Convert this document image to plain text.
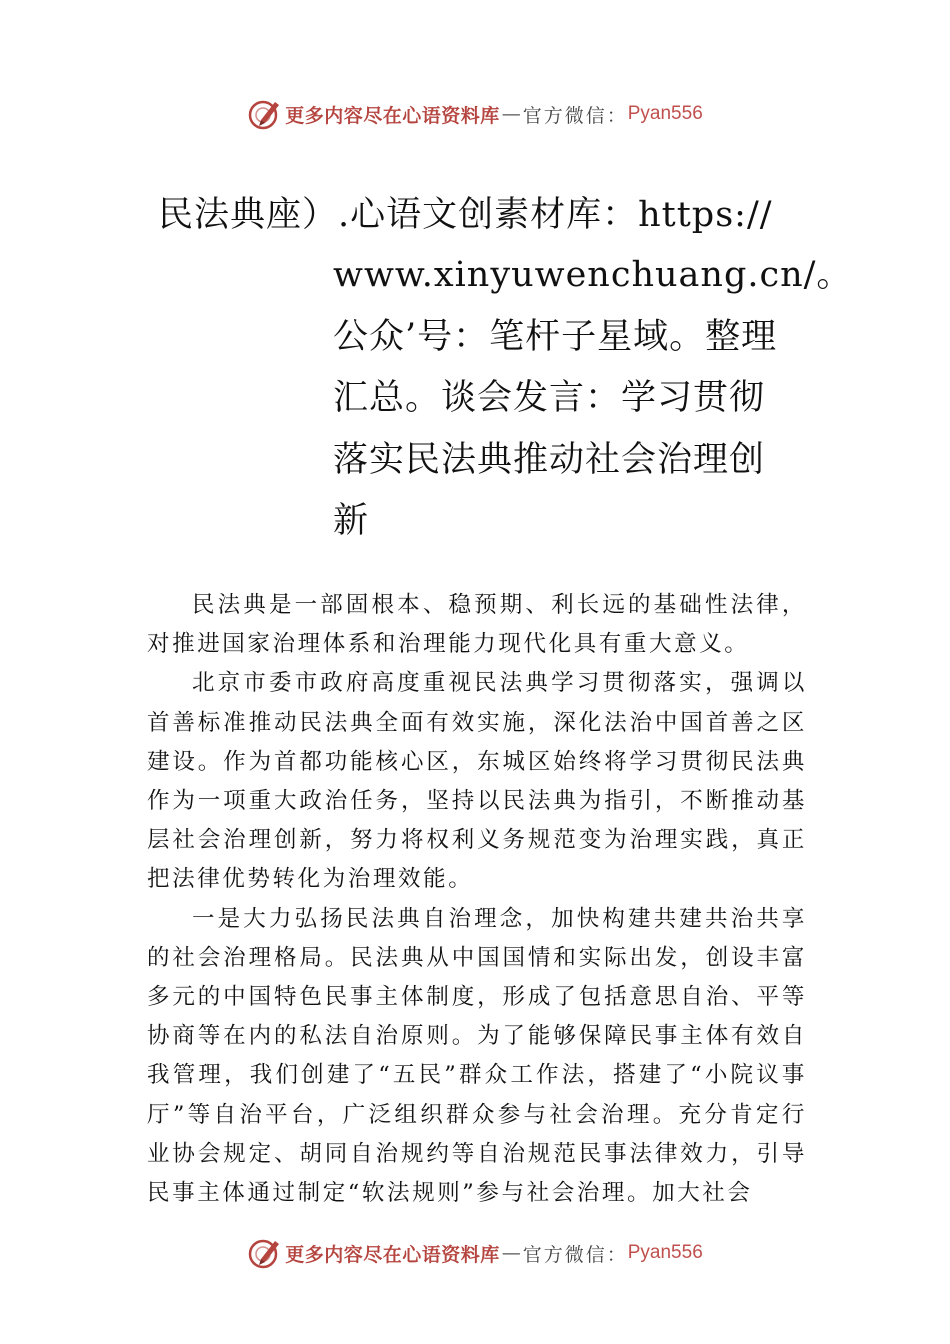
更多内容尽在心语资料库 — 官方微信： Pyan556
民法典座）.心语文创素材库：https://
www.xinyuwenchuang.cn/。
公众’号：笔杆子星域。整理
汇总。谈会发言：学习贯彻
落实民法典推动社会治理创
新

民法典是一部固根本、稳预期、利长远的基础性法律，对推进国家治理体系和治理能力现代化具有重大意义。

北京市委市政府高度重视民法典学习贯彻落实，强调以首善标准推动民法典全面有效实施，深化法治中国首善之区建设。作为首都功能核心区，东城区始终将学习贯彻民法典作为一项重大政治任务，坚持以民法典为指引，不断推动基层社会治理创新，努力将权利义务规范变为治理实践，真正把法律优势转化为治理效能。

一是大力弘扬民法典自治理念，加快构建共建共治共享的社会治理格局。民法典从中国国情和实际出发，创设丰富多元的中国特色民事主体制度，形成了包括意思自治、平等协商等在内的私法自治原则。为了能够保障民事主体有效自我管理，我们创建了“五民”群众工作法，搭建了“小院议事厅”等自治平台，广泛组织群众参与社会治理。充分肯定行业协会规定、胡同自治规约等自治规范民事法律效力，引导民事主体通过制定“软法规则”参与社会治理。加大社会

更多内容尽在心语资料库 — 官方微信： Pyan556
